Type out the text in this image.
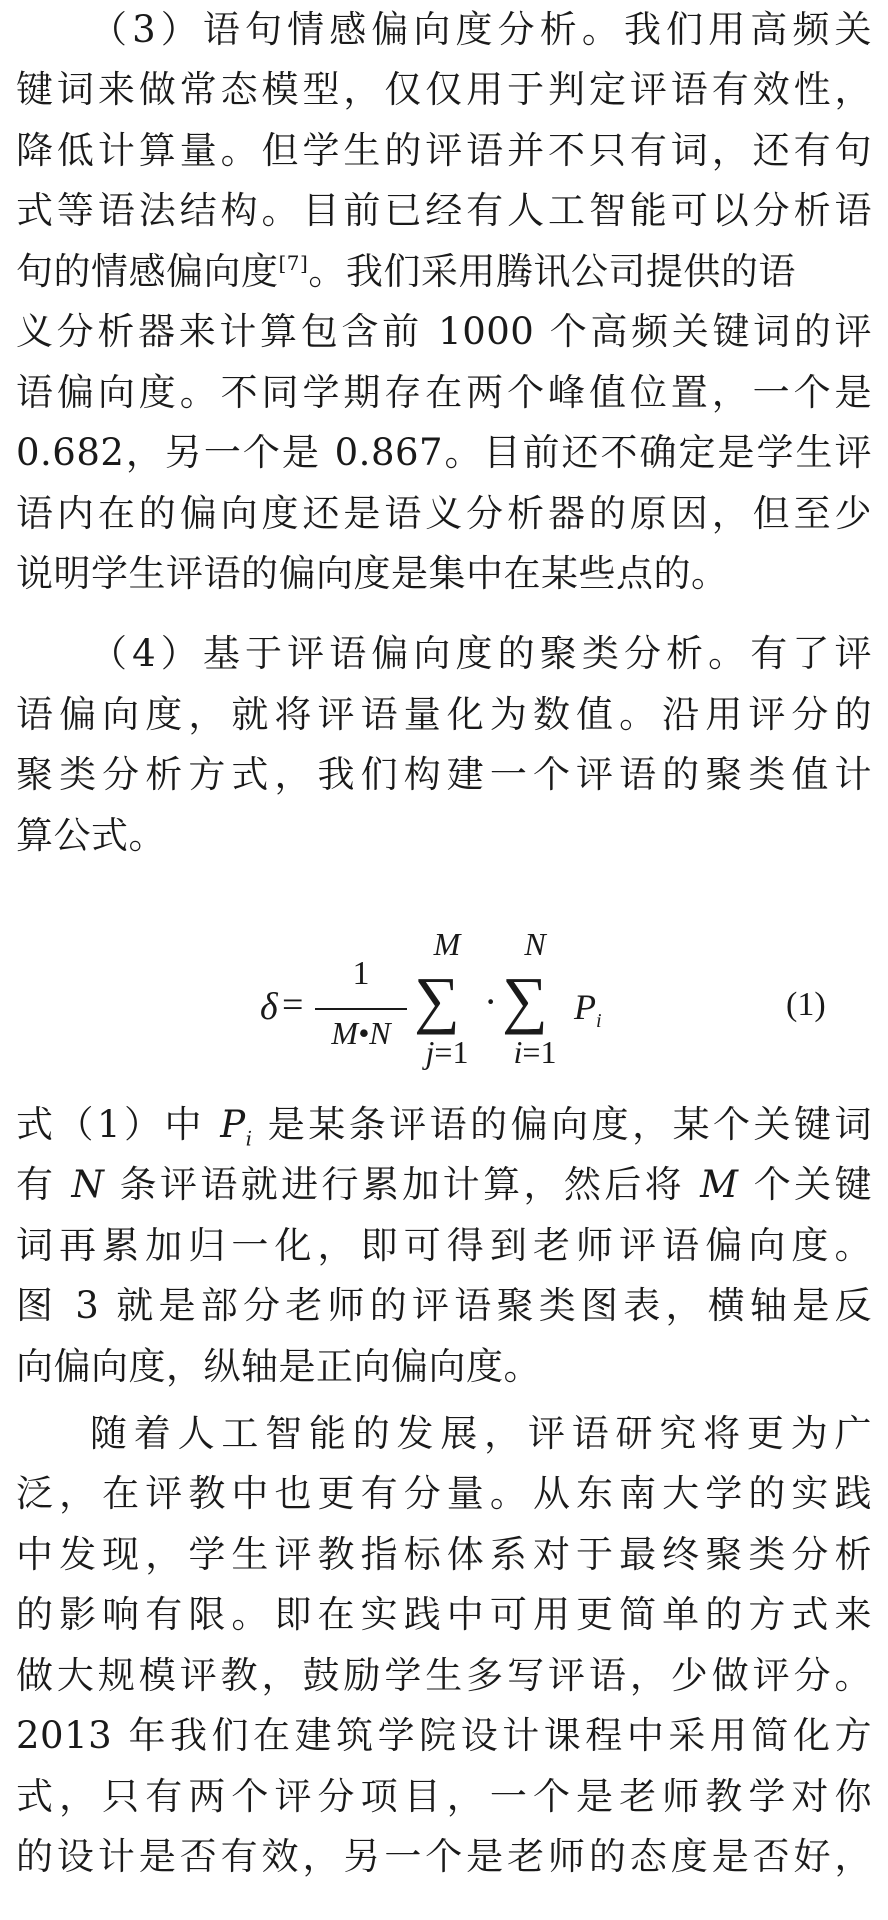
（3）语句情感偏向度分析。我们用高频关
键词来做常态模型，仅仅用于判定评语有效性，
降低计算量。但学生的评语并不只有词，还有句
式等语法结构。目前已经有人工智能可以分析语
句的情感偏向度[7]。我们采用腾讯公司提供的语
义分析器来计算包含前 1000 个高频关键词的评
语偏向度。不同学期存在两个峰值位置，一个是
0.682，另一个是 0.867。目前还不确定是学生评
语内在的偏向度还是语义分析器的原因，但至少
说明学生评语的偏向度是集中在某些点的。
（4）基于评语偏向度的聚类分析。有了评
语偏向度，就将评语量化为数值。沿用评分的
聚类分析方式，我们构建一个评语的聚类值计
算公式。
δ =
1
M•N
M
∑
j=1
·
N
∑
i=1
$P_i$	(1)
式（1）中 $P_i$ 是某条评语的偏向度，某个关键词
有 N 条评语就进行累加计算，然后将 M 个关键
词再累加归一化，即可得到老师评语偏向度。
图 3 就是部分老师的评语聚类图表，横轴是反
向偏向度，纵轴是正向偏向度。
随着人工智能的发展，评语研究将更为广
泛，在评教中也更有分量。从东南大学的实践
中发现，学生评教指标体系对于最终聚类分析
的影响有限。即在实践中可用更简单的方式来
做大规模评教，鼓励学生多写评语，少做评分。
2013 年我们在建筑学院设计课程中采用简化方
式，只有两个评分项目，一个是老师教学对你
的设计是否有效，另一个是老师的态度是否好，
